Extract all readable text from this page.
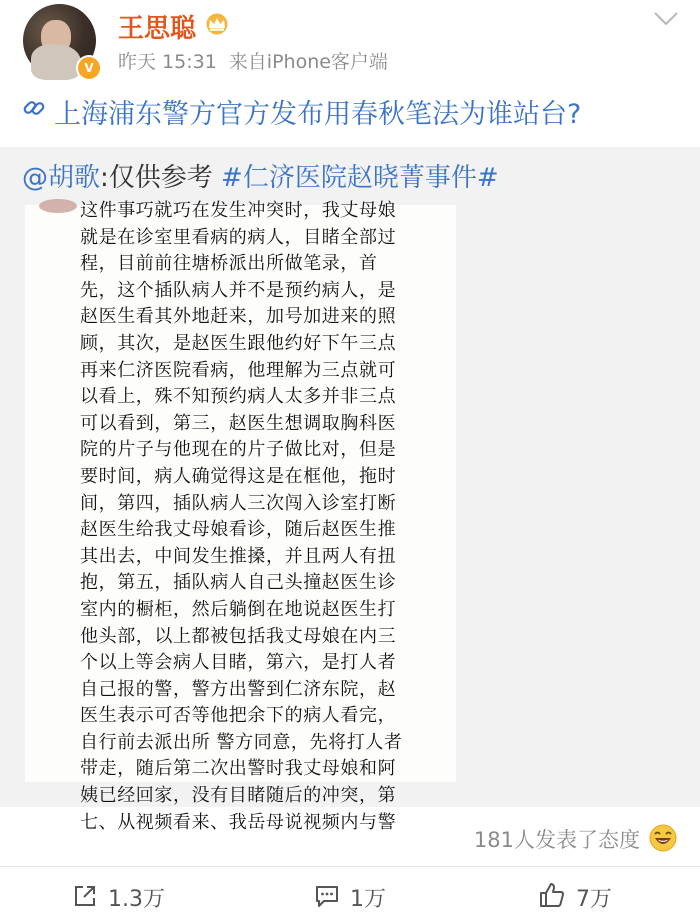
V
王思聪
昨天 15:31 来自iPhone客户端
上海浦东警方官方发布用春秋笔法为谁站台?
@胡歌:仅供参考 #仁济医院赵晓菁事件#
这件事巧就巧在发生冲突时，我丈母娘
就是在诊室里看病的病人，目睹全部过
程，目前前往塘桥派出所做笔录，首
先，这个插队病人并不是预约病人，是
赵医生看其外地赶来，加号加进来的照
顾，其次，是赵医生跟他约好下午三点
再来仁济医院看病，他理解为三点就可
以看上，殊不知预约病人太多并非三点
可以看到，第三，赵医生想调取胸科医
院的片子与他现在的片子做比对，但是
要时间，病人确觉得这是在框他，拖时
间，第四，插队病人三次闯入诊室打断
赵医生给我丈母娘看诊，随后赵医生推
其出去，中间发生推搡，并且两人有扭
抱，第五，插队病人自己头撞赵医生诊
室内的橱柜，然后躺倒在地说赵医生打
他头部，以上都被包括我丈母娘在内三
个以上等会病人目睹，第六，是打人者
自己报的警，警方出警到仁济东院，赵
医生表示可否等他把余下的病人看完，
自行前去派出所 警方同意，先将打人者
带走，随后第二次出警时我丈母娘和阿
姨已经回家，没有目睹随后的冲突，第
七、从视频看来、我岳母说视频内与警
181人发表了态度
1.3万	1万	7万
